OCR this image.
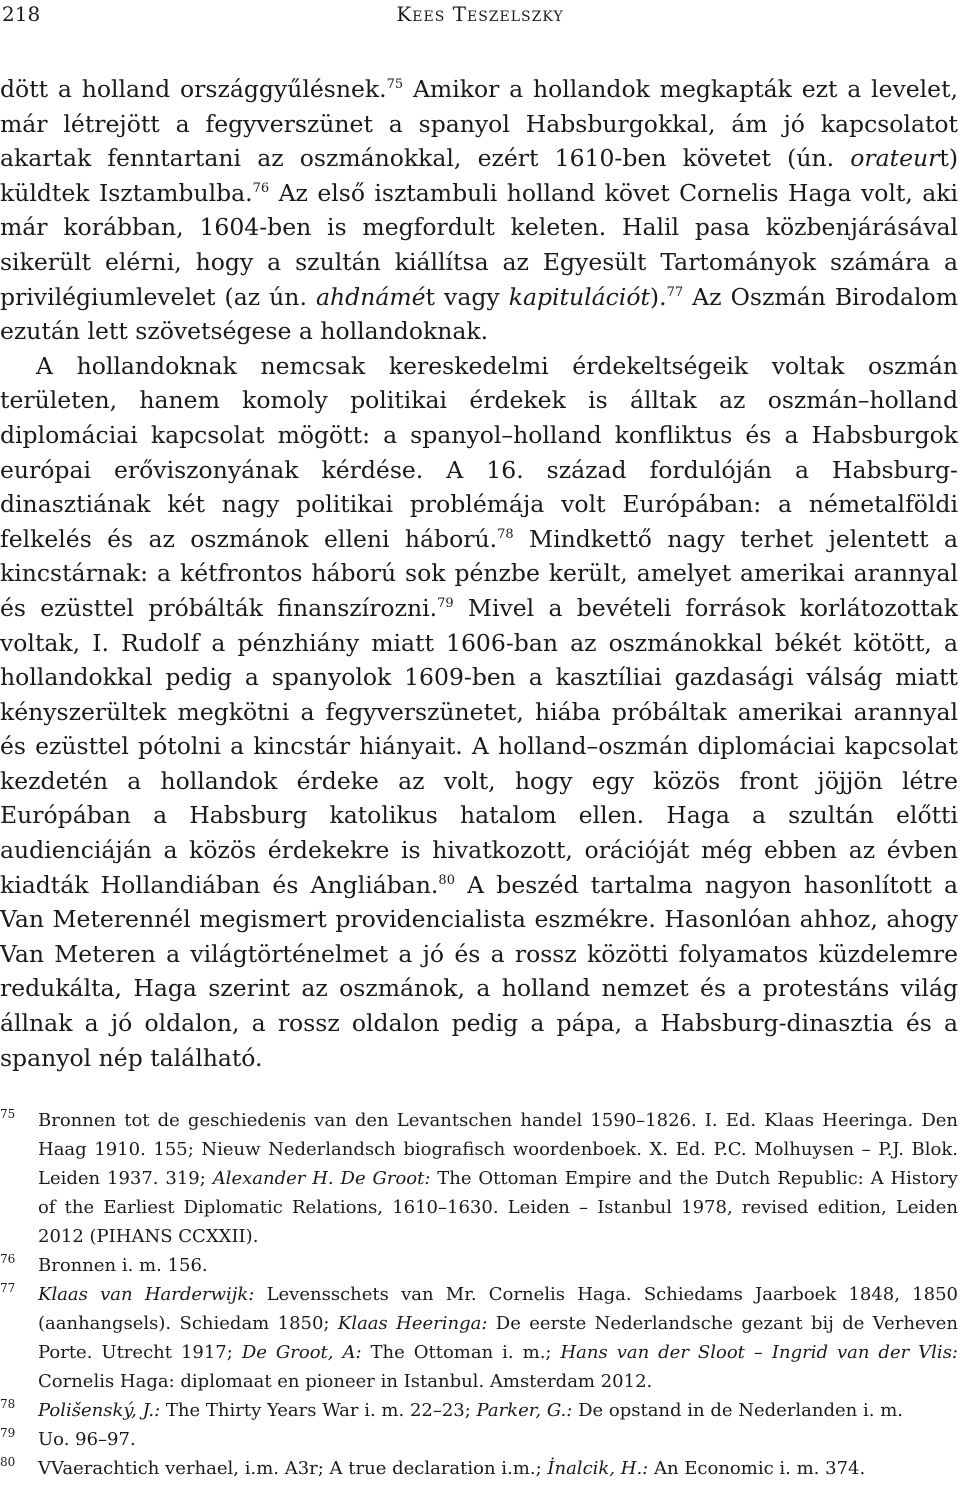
218	Kees Teszelszky

dött a holland országgyűlésnek.$^{75}$ Amikor a hollandok megkapták ezt a levelet, már létrejött a fegyverszünet a spanyol Habsburgokkal, ám jó kapcsolatot akartak fenntartani az oszmánokkal, ezért 1610-ben követet (ún. orateurt) küldtek Isztambulba.$^{76}$ Az első isztambuli holland követ Cornelis Haga volt, aki már korábban, 1604-ben is megfordult keleten. Halil pasa közbenjárásával sikerült elérni, hogy a szultán kiállítsa az Egyesült Tartományok számára a privilégiumlevelet (az ún. ahdnámét vagy kapitulációt).$^{77}$ Az Oszmán Birodalom ezután lett szövetségese a hollandoknak.

A hollandoknak nemcsak kereskedelmi érdekeltségeik voltak oszmán területen, hanem komoly politikai érdekek is álltak az oszmán–holland diplomáciai kapcsolat mögött: a spanyol–holland konfliktus és a Habsburgok európai erőviszonyának kérdése. A 16. század fordulóján a Habsburg-dinasztiának két nagy politikai problémája volt Európában: a németalföldi felkelés és az oszmánok elleni háború.$^{78}$ Mindkettő nagy terhet jelentett a kincstárnak: a kétfrontos háború sok pénzbe került, amelyet amerikai arannyal és ezüsttel próbálták finanszírozni.$^{79}$ Mivel a bevételi források korlátozottak voltak, I. Rudolf a pénzhiány miatt 1606-ban az oszmánokkal békét kötött, a hollandokkal pedig a spanyolok 1609-ben a kasztíliai gazdasági válság miatt kényszerültek megkötni a fegyverszünetet, hiába próbáltak amerikai arannyal és ezüsttel pótolni a kincstár hiányait. A holland–oszmán diplomáciai kapcsolat kezdetén a hollandok érdeke az volt, hogy egy közös front jöjjön létre Európában a Habsburg katolikus hatalom ellen. Haga a szultán előtti audienciáján a közös érdekekre is hivatkozott, orációját még ebben az évben kiadták Hollandiában és Angliában.$^{80}$ A beszéd tartalma nagyon hasonlított a Van Meterennél megismert providencialista eszmékre. Hasonlóan ahhoz, ahogy Van Meteren a világtörténelmet a jó és a rossz közötti folyamatos küzdelemre redukálta, Haga szerint az oszmánok, a holland nemzet és a protestáns világ állnak a jó oldalon, a rossz oldalon pedig a pápa, a Habsburg-dinasztia és a spanyol nép található.

75 Bronnen tot de geschiedenis van den Levantschen handel 1590–1826. I. Ed. Klaas Heeringa. Den Haag 1910. 155; Nieuw Nederlandsch biografisch woordenboek. X. Ed. P.C. Molhuysen – P.J. Blok. Leiden 1937. 319; Alexander H. De Groot: The Ottoman Empire and the Dutch Republic: A History of the Earliest Diplomatic Relations, 1610–1630. Leiden – Istanbul 1978, revised edition, Leiden 2012 (PIHANS CCXXII).
76 Bronnen i. m. 156.
77 Klaas van Harderwijk: Levensschets van Mr. Cornelis Haga. Schiedams Jaarboek 1848, 1850 (aanhangsels). Schiedam 1850; Klaas Heeringa: De eerste Nederlandsche gezant bij de Verheven Porte. Utrecht 1917; De Groot, A: The Ottoman i. m.; Hans van der Sloot – Ingrid van der Vlis: Cornelis Haga: diplomaat en pioneer in Istanbul. Amsterdam 2012.
78 Polišenský, J.: The Thirty Years War i. m. 22–23; Parker, G.: De opstand in de Nederlanden i. m.
79 Uo. 96–97.
80 VVaerachtich verhael, i.m. A3r; A true declaration i.m.; İnalcik, H.: An Economic i. m. 374.
